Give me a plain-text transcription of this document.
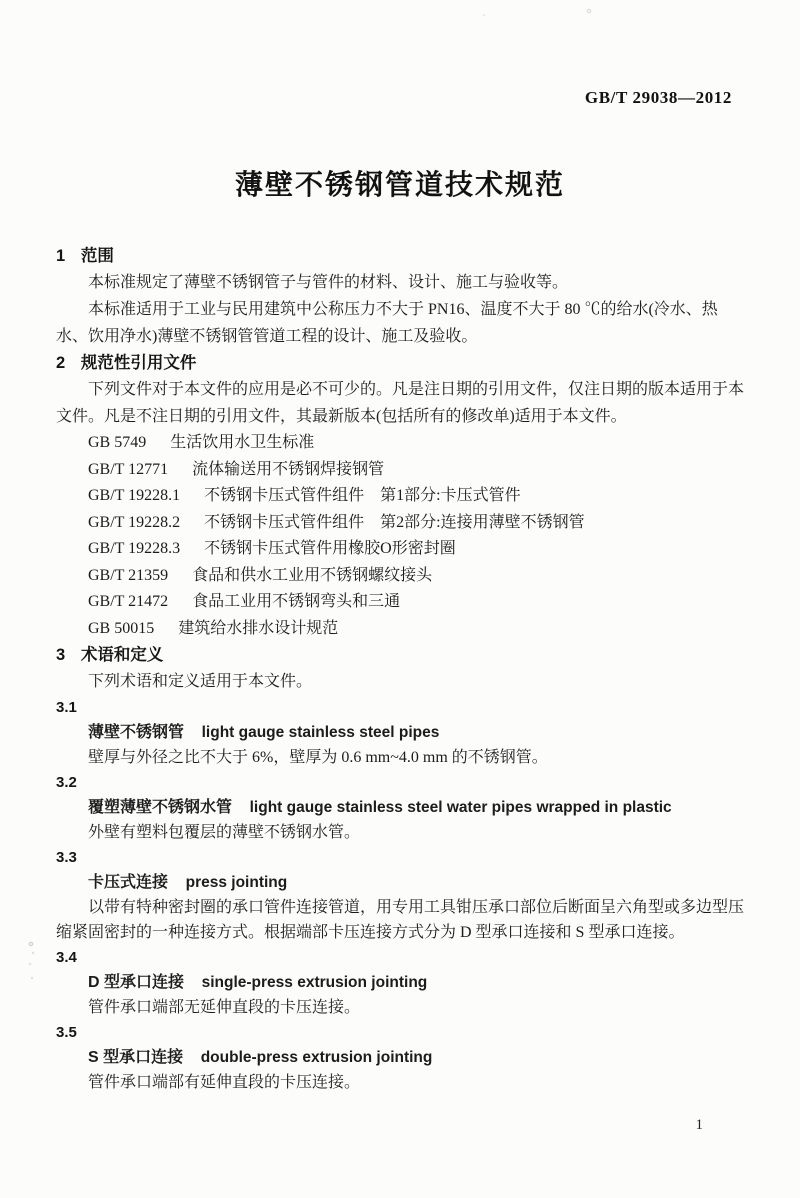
GB/T 29038—2012
薄壁不锈钢管道技术规范
1 范围

本标准规定了薄壁不锈钢管子与管件的材料、设计、施工与验收等。

本标准适用于工业与民用建筑中公称压力不大于 PN16、温度不大于 80 ℃的给水(冷水、热水、饮用净水)薄壁不锈钢管管道工程的设计、施工及验收。

2 规范性引用文件

下列文件对于本文件的应用是必不可少的。凡是注日期的引用文件，仅注日期的版本适用于本文件。凡是不注日期的引用文件，其最新版本(包括所有的修改单)适用于本文件。

GB 5749 生活饮用水卫生标准
GB/T 12771 流体输送用不锈钢焊接钢管
GB/T 19228.1 不锈钢卡压式管件组件　第1部分:卡压式管件
GB/T 19228.2 不锈钢卡压式管件组件　第2部分:连接用薄壁不锈钢管
GB/T 19228.3 不锈钢卡压式管件用橡胶O形密封圈
GB/T 21359 食品和供水工业用不锈钢螺纹接头
GB/T 21472 食品工业用不锈钢弯头和三通
GB 50015 建筑给水排水设计规范
3 术语和定义

下列术语和定义适用于本文件。

3.1
薄壁不锈钢管 light gauge stainless steel pipes

壁厚与外径之比不大于 6%，壁厚为 0.6 mm~4.0 mm 的不锈钢管。

3.2
覆塑薄壁不锈钢水管 light gauge stainless steel water pipes wrapped in plastic

外壁有塑料包覆层的薄壁不锈钢水管。

3.3
卡压式连接 press jointing

以带有特种密封圈的承口管件连接管道，用专用工具钳压承口部位后断面呈六角型或多边型压缩紧固密封的一种连接方式。根据端部卡压连接方式分为 D 型承口连接和 S 型承口连接。

3.4
D 型承口连接 single-press extrusion jointing

管件承口端部无延伸直段的卡压连接。

3.5
S 型承口连接 double-press extrusion jointing

管件承口端部有延伸直段的卡压连接。

1
